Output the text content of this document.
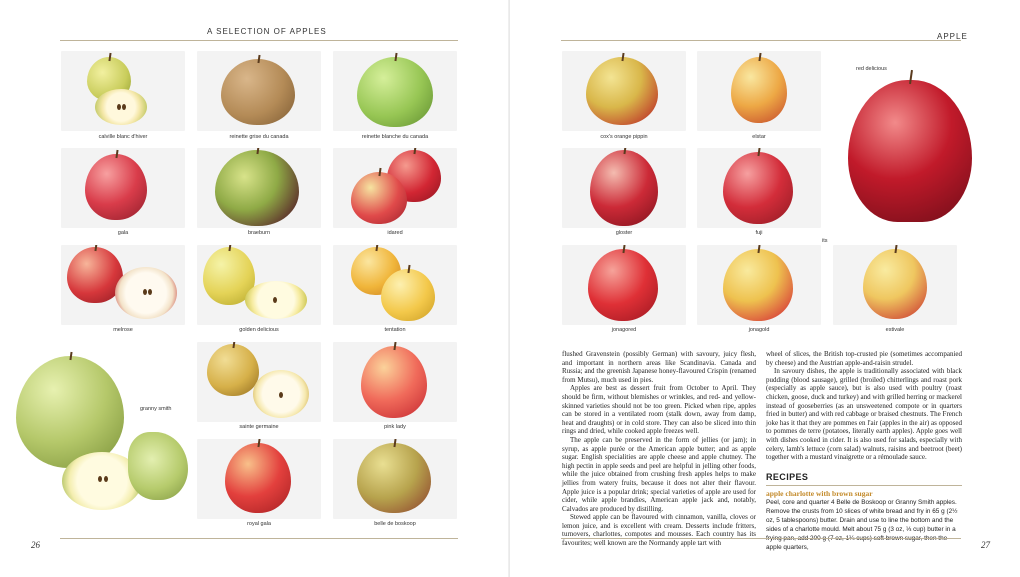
A SELECTION OF APPLES
calville blanc d'hiver	reinette grise du canada	reinette blanche du canada
gala	braeburn	idared
melrose	golden delicious	tentation
granny smith
sainte germaine	pink lady
royal gala	belle de boskoop
26
APPLE
cox's orange pippin	elstar
red delicious
gloster	fuji
its
jonagored	jonagold	estivale

flushed Gravenstein (possibly German) with savoury, juicy flesh, and important in northern areas like Scandinavia. Canada and Russia; and the greenish Japanese honey-flavoured Crispin (renamed from Mutsu), much used in pies.

Apples are best as dessert fruit from October to April. They should be firm, without blemishes or wrinkles, and red- and yellow-skinned varieties should not be too green. Picked when ripe, apples can be stored in a ventilated room (stalk down, away from damp, heat and draughts) or in cold store. They can also be sliced into thin rings and dried, while cooked apple freezes well.

The apple can be preserved in the form of jellies (or jam); in syrup, as apple purée or the American apple butter; and as apple sugar. English specialities are apple cheese and apple chutney. The high pectin in apple seeds and peel are helpful in jelling other foods, while the juice obtained from crushing fresh apples helps to make jellies from watery fruits, because it does not alter their flavour. Apple juice is a popular drink; special varieties of apple are used for cider, while apple brandies, American apple jack and, notably, Calvados are produced by distilling.

Stewed apple can be flavoured with cinnamon, vanilla, cloves or lemon juice, and is excellent with cream. Desserts include fritters, turnovers, charlottes, compotes and mousses. Each country has its favourites; well known are the Normandy apple tart with

wheel of slices, the British top-crusted pie (sometimes accompanied by cheese) and the Austrian apple-and-raisin strudel.

In savoury dishes, the apple is traditionally associated with black pudding (blood sausage), grilled (broiled) chitterlings and roast pork (especially as apple sauce), but is also used with poultry (roast chicken, goose, duck and turkey) and with grilled herring or mackerel instead of gooseberries (as an unsweetened compote or in quarters fried in butter) and with red cabbage or braised chestnuts. The French joke has it that they are pommes en l'air (apples in the air) as opposed to pommes de terre (potatoes, literally earth apples). Apple goes well with dishes cooked in cider. It is also used for salads, especially with celery, lamb's lettuce (corn salad) walnuts, raisins and beetroot (beet) together with a mustard vinaigrette or a rémoulade sauce.

RECIPES
apple charlotte with brown sugar
Peel, core and quarter 4 Belle de Boskoop or Granny Smith apples. Remove the crusts from 10 slices of white bread and fry in 65 g (2½ oz, 5 tablespoons) butter. Drain and use to line the bottom and the sides of a charlotte mould. Melt about 75 g (3 oz, ⅓ cup) butter in a apple quarters,	27
